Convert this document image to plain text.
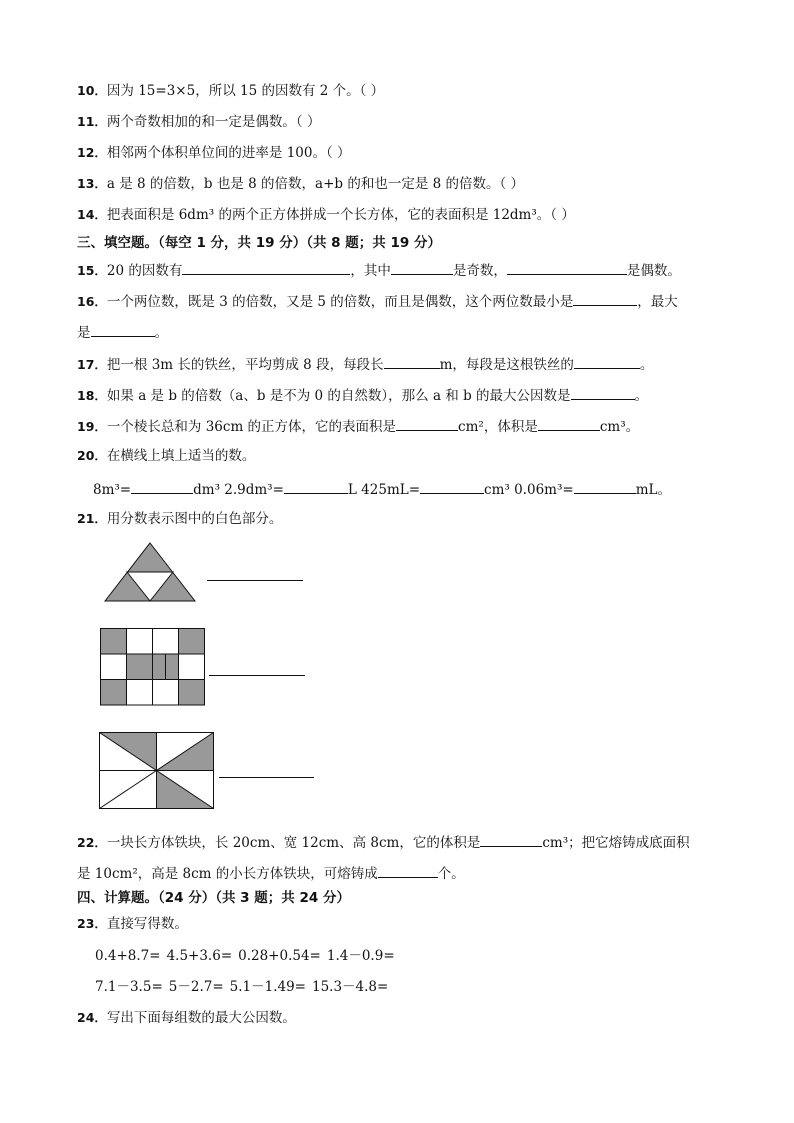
10．因为 15=3×5，所以 15 的因数有 2 个。（ ）
11．两个奇数相加的和一定是偶数。（ ）
12．相邻两个体积单位间的进率是 100。（ ）
13．a 是 8 的倍数，b 也是 8 的倍数，a+b 的和也一定是 8 的倍数。（ ）
14．把表面积是 6dm³ 的两个正方体拼成一个长方体，它的表面积是 12dm³。（ ）
三、填空题。（每空 1 分，共 19 分）（共 8 题；共 19 分）
15．20 的因数有	，其中	是奇数，	是偶数。
16．一个两位数，既是 3 的倍数，又是 5 的倍数，而且是偶数，这个两位数最小是	，最大
是	。
17．把一根 3m 长的铁丝，平均剪成 8 段，每段长	m，每段是这根铁丝的	。
18．如果 a 是 b 的倍数（a、b 是不为 0 的自然数），那么 a 和 b 的最大公因数是	。
19．一个棱长总和为 36cm 的正方体，它的表面积是	cm²，体积是	cm³。
20．在横线上填上适当的数。
8m³=	dm³ 2.9dm³=	L 425mL=	cm³ 0.06m³=	mL。
21．用分数表示图中的白色部分。
22．一块长方体铁块，长 20cm、宽 12cm、高 8cm，它的体积是	cm³；把它熔铸成底面积
是 10cm²，高是 8cm 的小长方体铁块，可熔铸成	个。
四、计算题。（24 分）（共 3 题；共 24 分）
23．直接写得数。
0.4+8.7= 4.5+3.6= 0.28+0.54= 1.4－0.9=
7.1－3.5= 5－2.7= 5.1－1.49= 15.3－4.8=
24．写出下面每组数的最大公因数。
